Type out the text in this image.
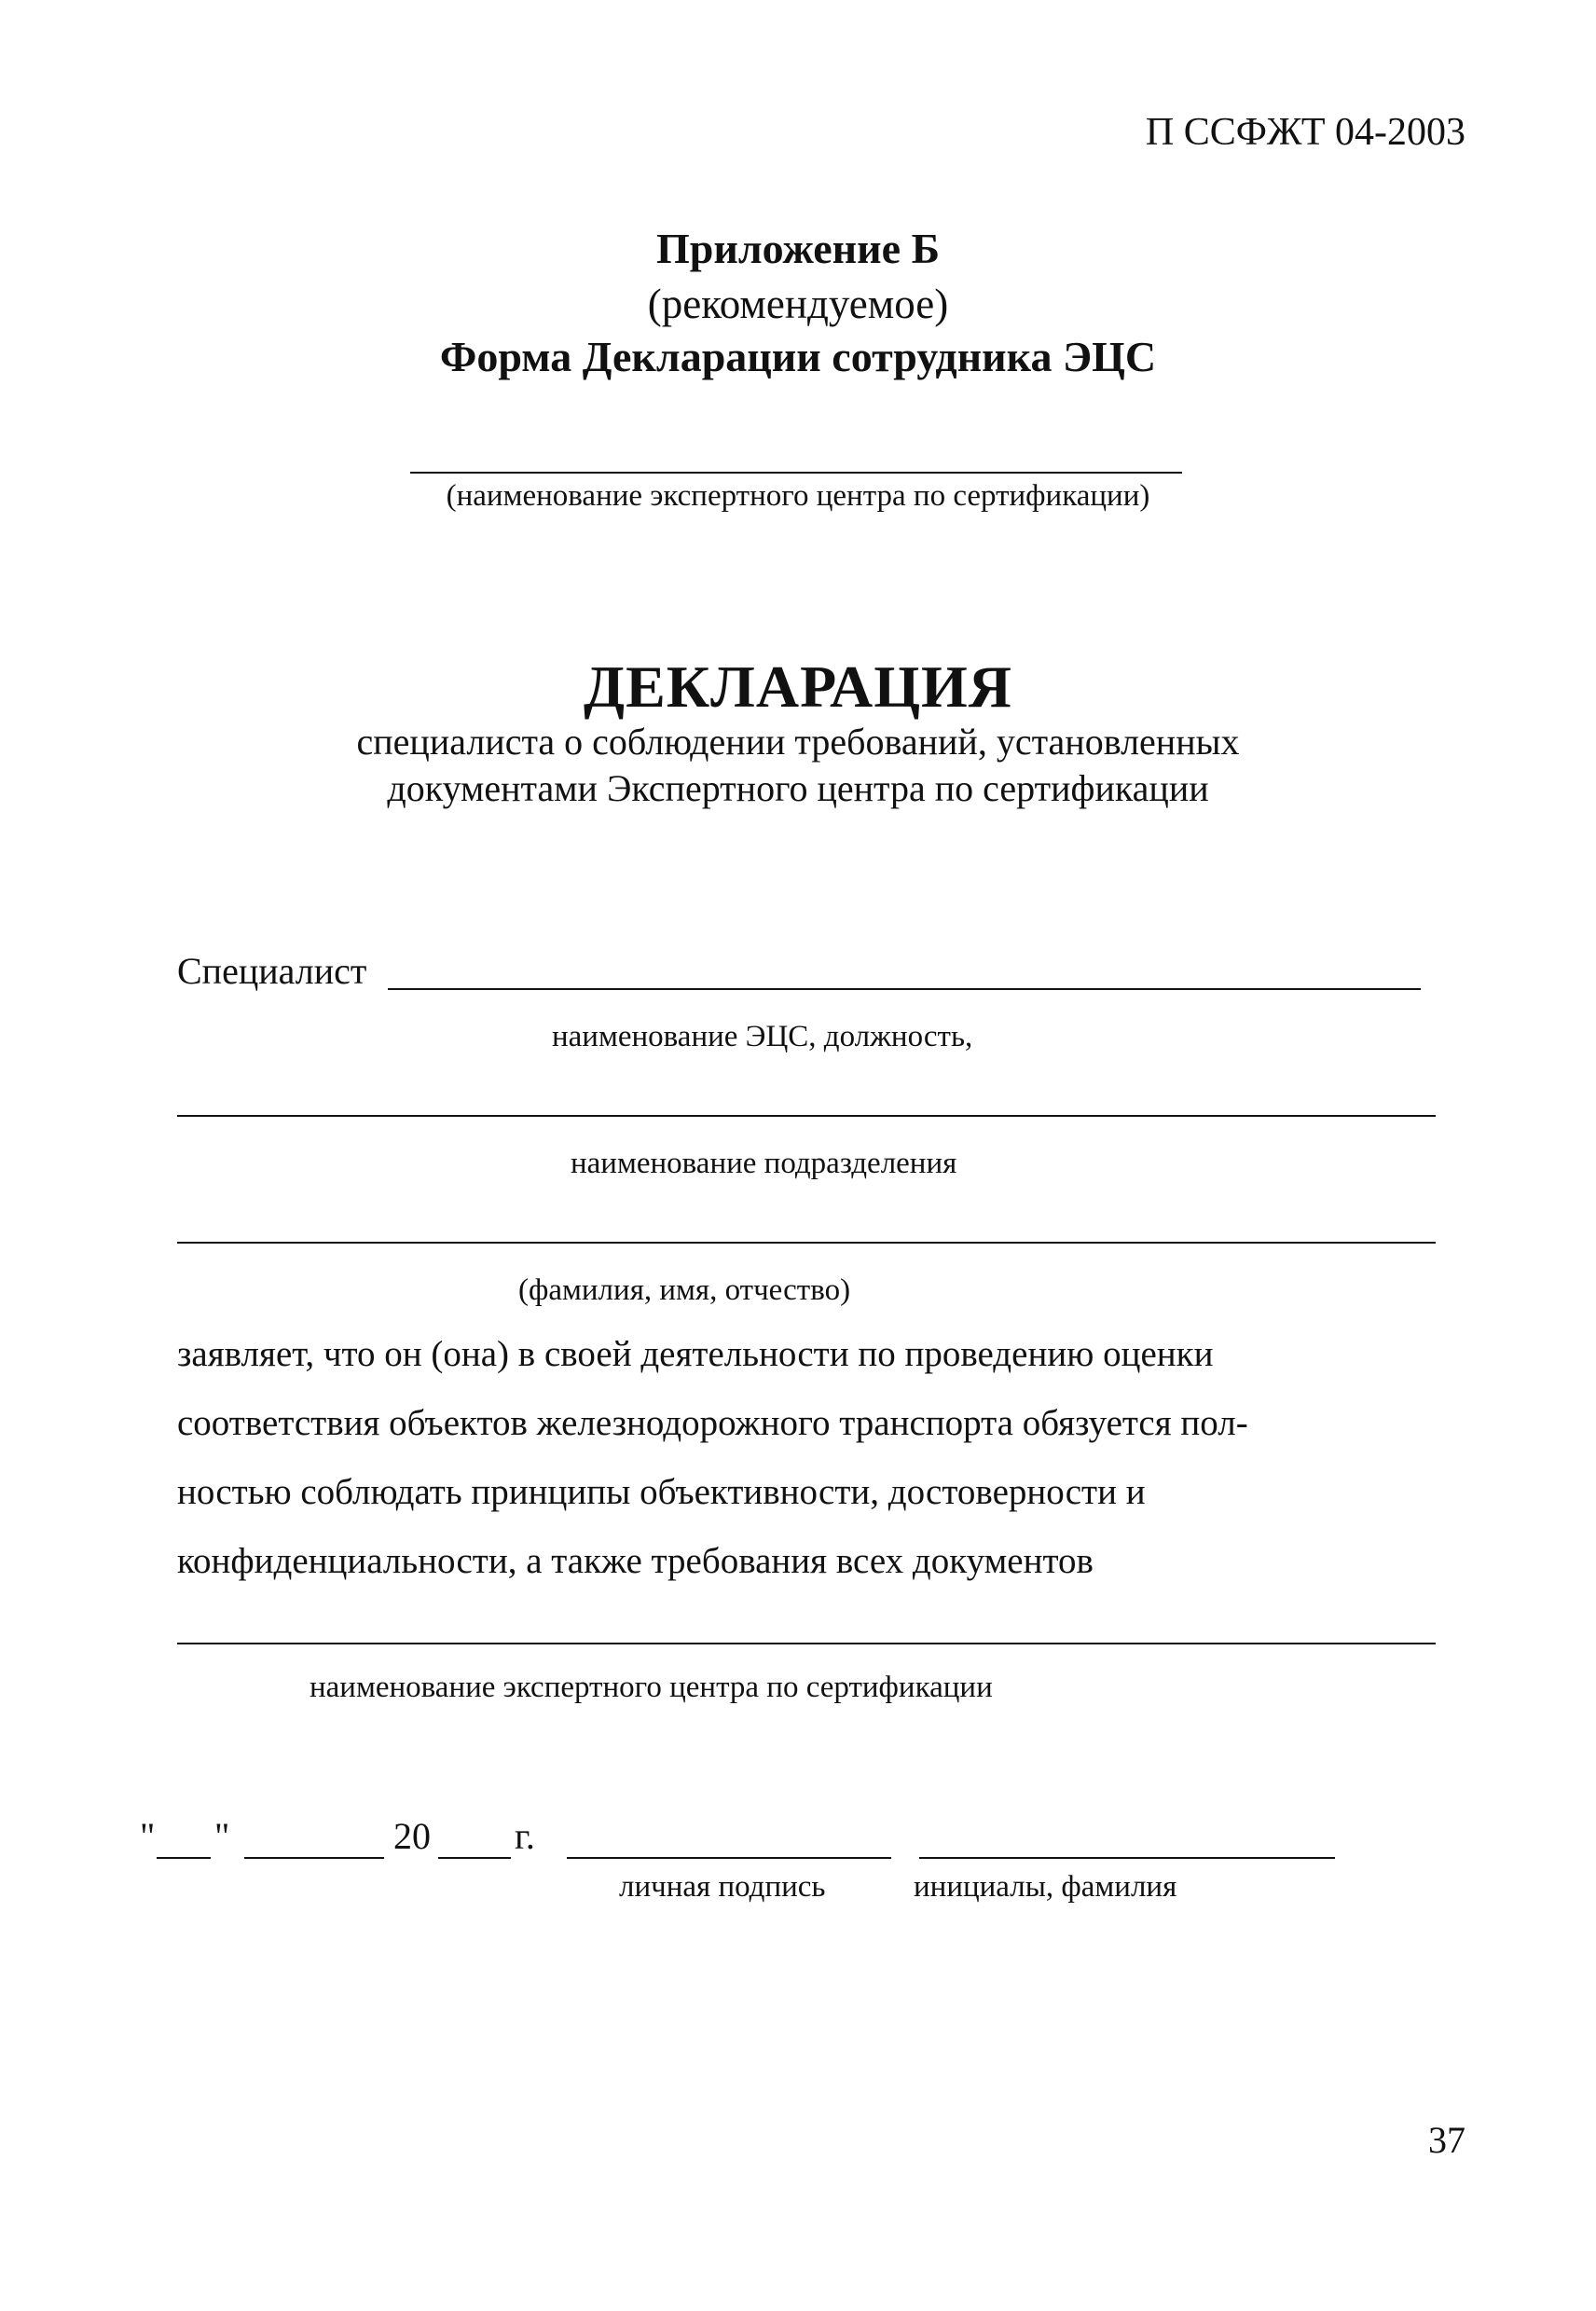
П ССФЖТ 04-2003
Приложение Б
(рекомендуемое)
Форма Декларации сотрудника ЭЦС
(наименование экспертного центра по сертификации)
ДЕКЛАРАЦИЯ
специалиста о соблюдении требований, установленных
документами Экспертного центра по сертификации
Специалист
наименование ЭЦС, должность,
наименование подразделения
(фамилия, имя, отчество)
заявляет, что он (она) в своей деятельности по проведению оценки
соответствия объектов железнодорожного транспорта обязуется пол-
ностью соблюдать принципы объективности, достоверности и
конфиденциальности, а также требования всех документов
наименование экспертного центра по сертификации
" "	20 г.
личная подпись	инициалы, фамилия
37
